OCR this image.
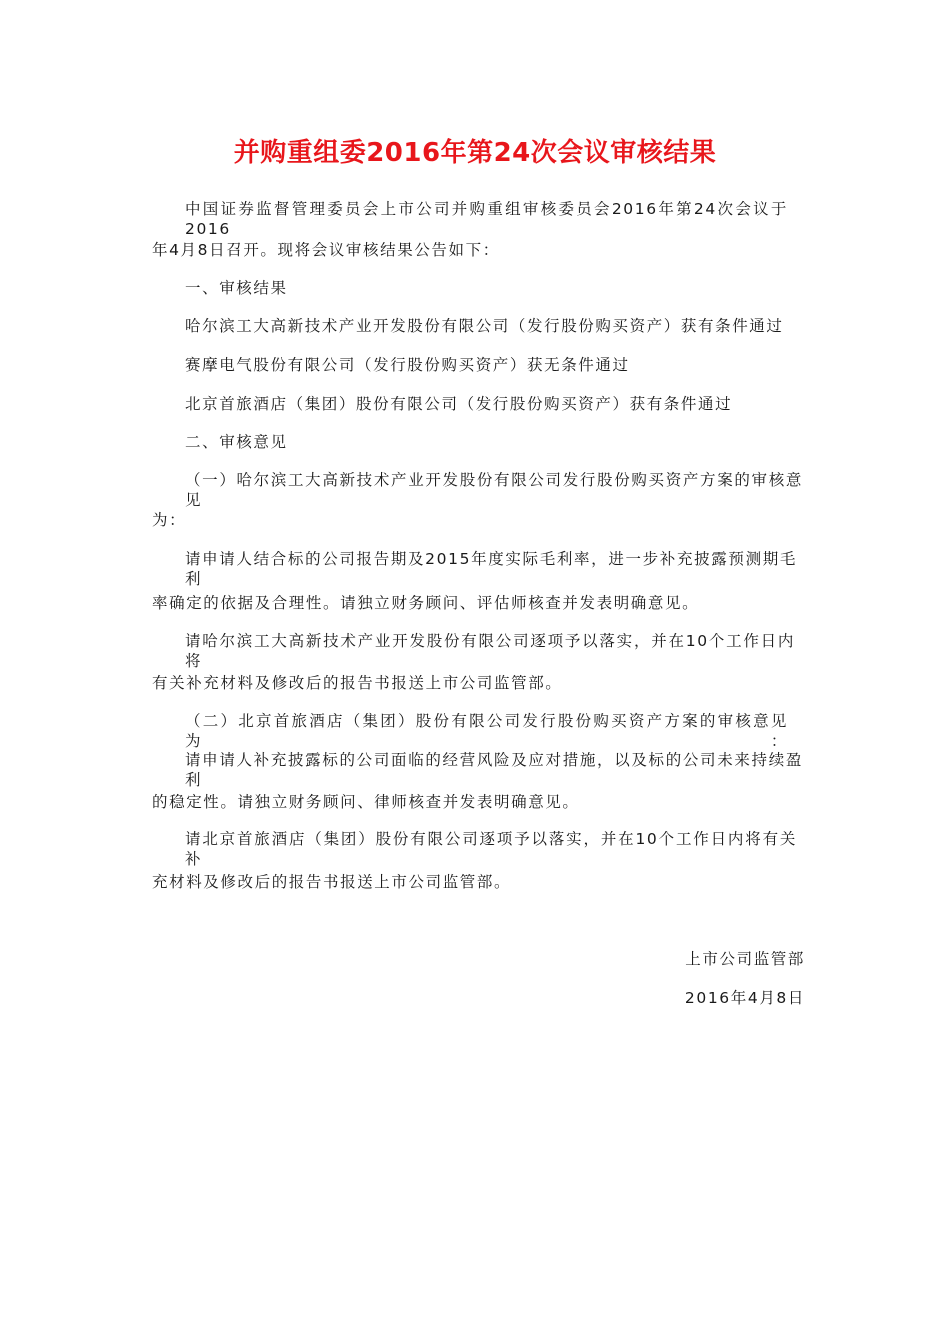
并购重组委2016年第24次会议审核结果
中国证券监督管理委员会上市公司并购重组审核委员会2016年第24次会议于2016
年4月8日召开。现将会议审核结果公告如下：
一、审核结果
哈尔滨工大高新技术产业开发股份有限公司（发行股份购买资产）获有条件通过
赛摩电气股份有限公司（发行股份购买资产）获无条件通过
北京首旅酒店（集团）股份有限公司（发行股份购买资产）获有条件通过
二、审核意见
（一）哈尔滨工大高新技术产业开发股份有限公司发行股份购买资产方案的审核意见
为：
请申请人结合标的公司报告期及2015年度实际毛利率，进一步补充披露预测期毛利
率确定的依据及合理性。请独立财务顾问、评估师核查并发表明确意见。
请哈尔滨工大高新技术产业开发股份有限公司逐项予以落实，并在10个工作日内将
有关补充材料及修改后的报告书报送上市公司监管部。
（二）北京首旅酒店（集团）股份有限公司发行股份购买资产方案的审核意见为：
请申请人补充披露标的公司面临的经营风险及应对措施，以及标的公司未来持续盈利
的稳定性。请独立财务顾问、律师核查并发表明确意见。
请北京首旅酒店（集团）股份有限公司逐项予以落实，并在10个工作日内将有关补
充材料及修改后的报告书报送上市公司监管部。
上市公司监管部
2016年4月8日
